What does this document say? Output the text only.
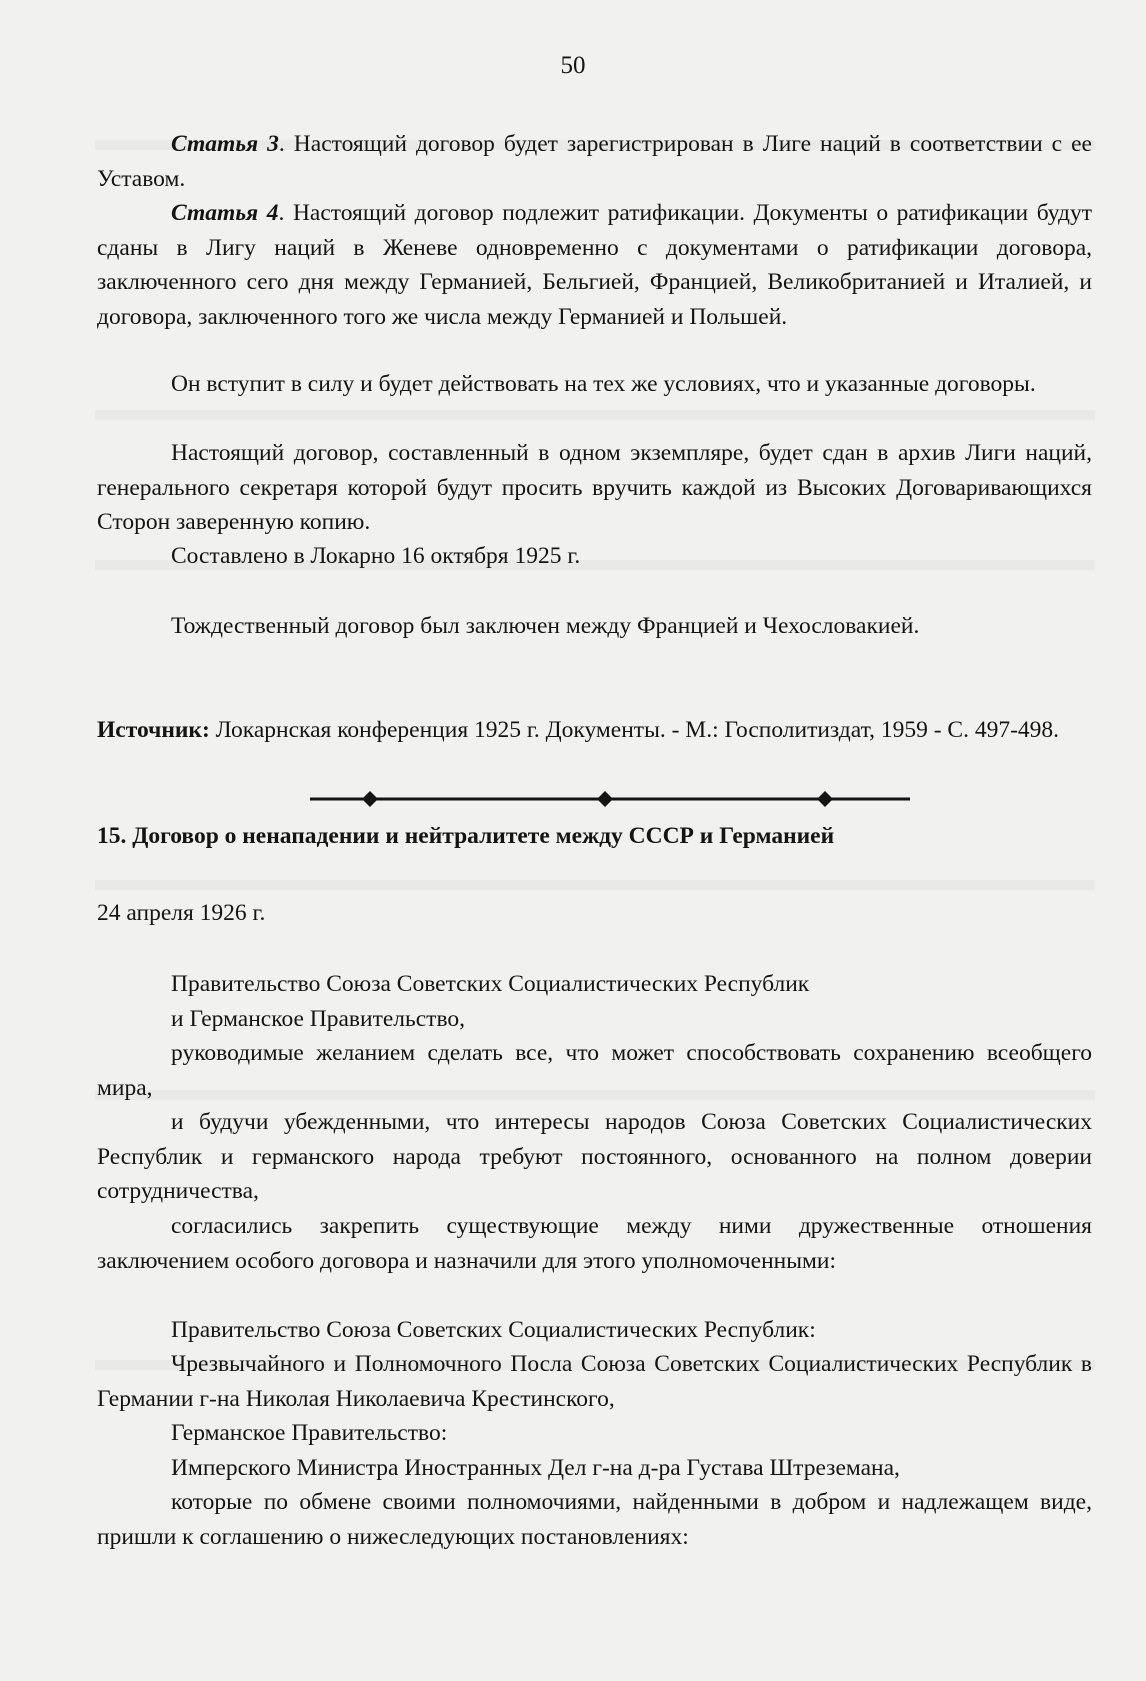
50

Статья 3. Настоящий договор будет зарегистрирован в Лиге наций в соответствии с ее Уставом.

Статья 4. Настоящий договор подлежит ратификации. Документы о ратификации будут сданы в Лигу наций в Женеве одновременно с документами о ратификации договора, заключенного сего дня между Германией, Бельгией, Францией, Великобританией и Италией, и договора, заключенного того же числа между Германией и Польшей.

Он вступит в силу и будет действовать на тех же условиях, что и указанные договоры.

Настоящий договор, составленный в одном экземпляре, будет сдан в архив Лиги наций, генерального секретаря которой будут просить вручить каждой из Высоких Договаривающихся Сторон заверенную копию.

Составлено в Локарно 16 октября 1925 г.

Тождественный договор был заключен между Францией и Чехословакией.

Источник: Локарнская конференция 1925 г. Документы. - М.: Госполитиздат, 1959 - С. 497-498.

15. Договор о ненападении и нейтралитете между СССР и Германией
24 апреля 1926 г.

Правительство Союза Советских Социалистических Республик

и Германское Правительство,

руководимые желанием сделать все, что может способствовать сохранению всеобщего мира,

и будучи убежденными, что интересы народов Союза Советских Социалистических Республик и германского народа требуют постоянного, основанного на полном доверии сотрудничества,

согласились закрепить существующие между ними дружественные отношения заключением особого договора и назначили для этого уполномоченными:

Правительство Союза Советских Социалистических Республик:

Чрезвычайного и Полномочного Посла Союза Советских Социалистических Республик в Германии г-на Николая Николаевича Крестинского,

Германское Правительство:

Имперского Министра Иностранных Дел г-на д-ра Густава Штреземана,

которые по обмене своими полномочиями, найденными в добром и надлежащем виде, пришли к соглашению о нижеследующих постановлениях:
